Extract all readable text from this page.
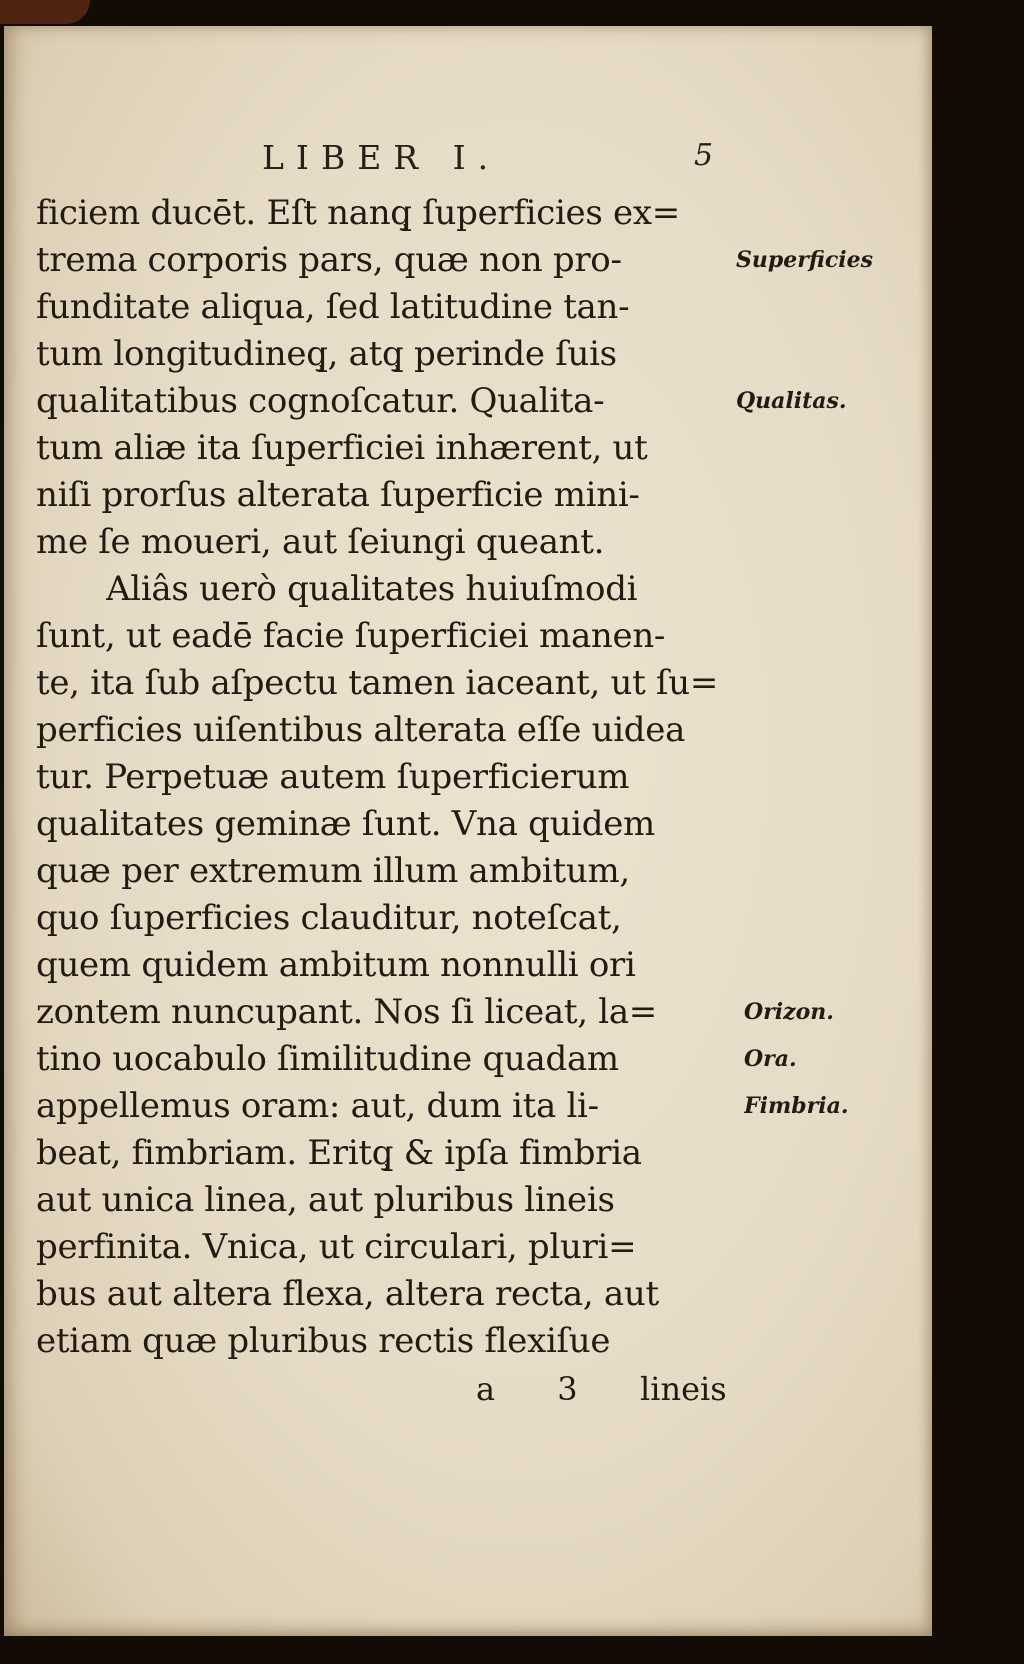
LIBER I.	5
ficiem ducēt. Eſt nanq̧ ſuperficies ex=
trema corporis pars, quæ non pro-
funditate aliqua, ſed latitudine tan-
tum longitudineq̧, atq̧ perinde ſuis
qualitatibus cognoſcatur. Qualita-
tum aliæ ita ſuperficiei inhærent, ut
niſi prorſus alterata ſuperficie mini-
me ſe moueri, aut ſeiungi queant.
Aliâs uerò qualitates huiuſmodi
ſunt, ut eadē facie ſuperficiei manen-
te, ita ſub aſpectu tamen iaceant, ut ſu=
perficies uiſentibus alterata eſſe uidea
tur. Perpetuæ autem ſuperficierum
qualitates geminæ ſunt. Vna quidem
quæ per extremum illum ambitum,
quo ſuperficies clauditur, noteſcat,
quem quidem ambitum nonnulli ori
zontem nuncupant. Nos ſi liceat, la=
tino uocabulo ſimilitudine quadam
appellemus oram: aut, dum ita li-
beat, fimbriam. Eritq̧ & ipſa fimbria
aut unica linea, aut pluribus lineis
perfinita. Vnica, ut circulari, pluri=
bus aut altera flexa, altera recta, aut
etiam quæ pluribus rectis flexiſue
Superficies
Qualitas.
Orizon.
Ora.
Fimbria.
a 3 lineis
